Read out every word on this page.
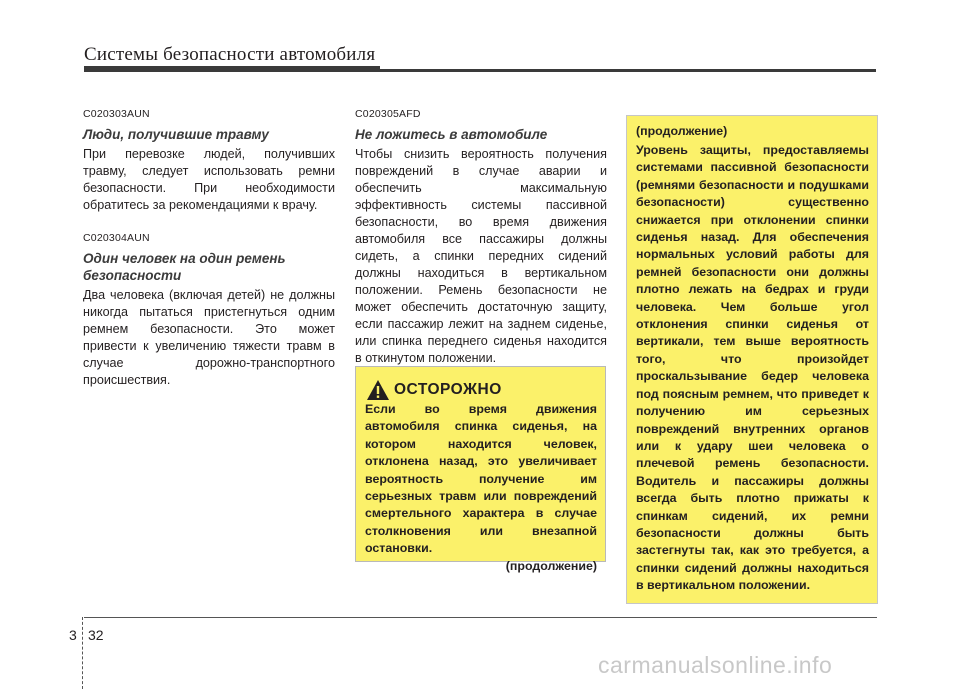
Системы безопасности автомобиля

C020303AUN

Люди, получившие травму

При перевозке людей, получивших травму, следует использовать ремни безопасности. При необходимости обратитесь за рекомендациями к врачу.

C020304AUN

Один человек на один ремень безопасности

Два человека (включая детей) не должны никогда пытаться пристегнуться одним ремнем безопасности. Это может привести к увеличению тяжести травм в случае дорожно-транспортного происшествия.

C020305AFD

Не ложитесь в автомобиле

Чтобы снизить вероятность получения повреждений в случае аварии и обеспечить максимальную эффективность системы пассивной безопасности, во время движения автомобиля все пассажиры должны сидеть, а спинки передних сидений должны находиться в вертикальном положении. Ремень безопасности не может обеспечить достаточную защиту, если пассажир лежит на заднем сиденье, или спинка переднего сиденья находится в откинутом положении.

ОСТОРОЖНО
Если во время движения автомобиля спинка сиденья, на котором находится человек, отклонена назад, это увеличивает вероятность получение им серьезных травм или повреждений смертельного характера в случае столкновения или внезапной остановки.
(продолжение)
(продолжение)
Уровень защиты, предоставляемы системами пассивной безопасности (ремнями безопасности и подушками безопасности) существенно снижается при отклонении спинки сиденья назад. Для обеспечения нормальных условий работы для ремней безопасности они должны плотно лежать на бедрах и груди человека. Чем больше угол отклонения спинки сиденья от вертикали, тем выше вероятность того, что произойдет проскальзывание бедер человека под поясным ремнем, что приведет к получению им серьезных повреждений внутренних органов или к удару шеи человека о плечевой ремень безопасности. Водитель и пассажиры должны всегда быть плотно прижаты к спинкам сидений, их ремни безопасности должны быть застегнуты так, как это требуется, а спинки сидений должны находиться в вертикальном положении.
3 32
carmanualsonline.info
